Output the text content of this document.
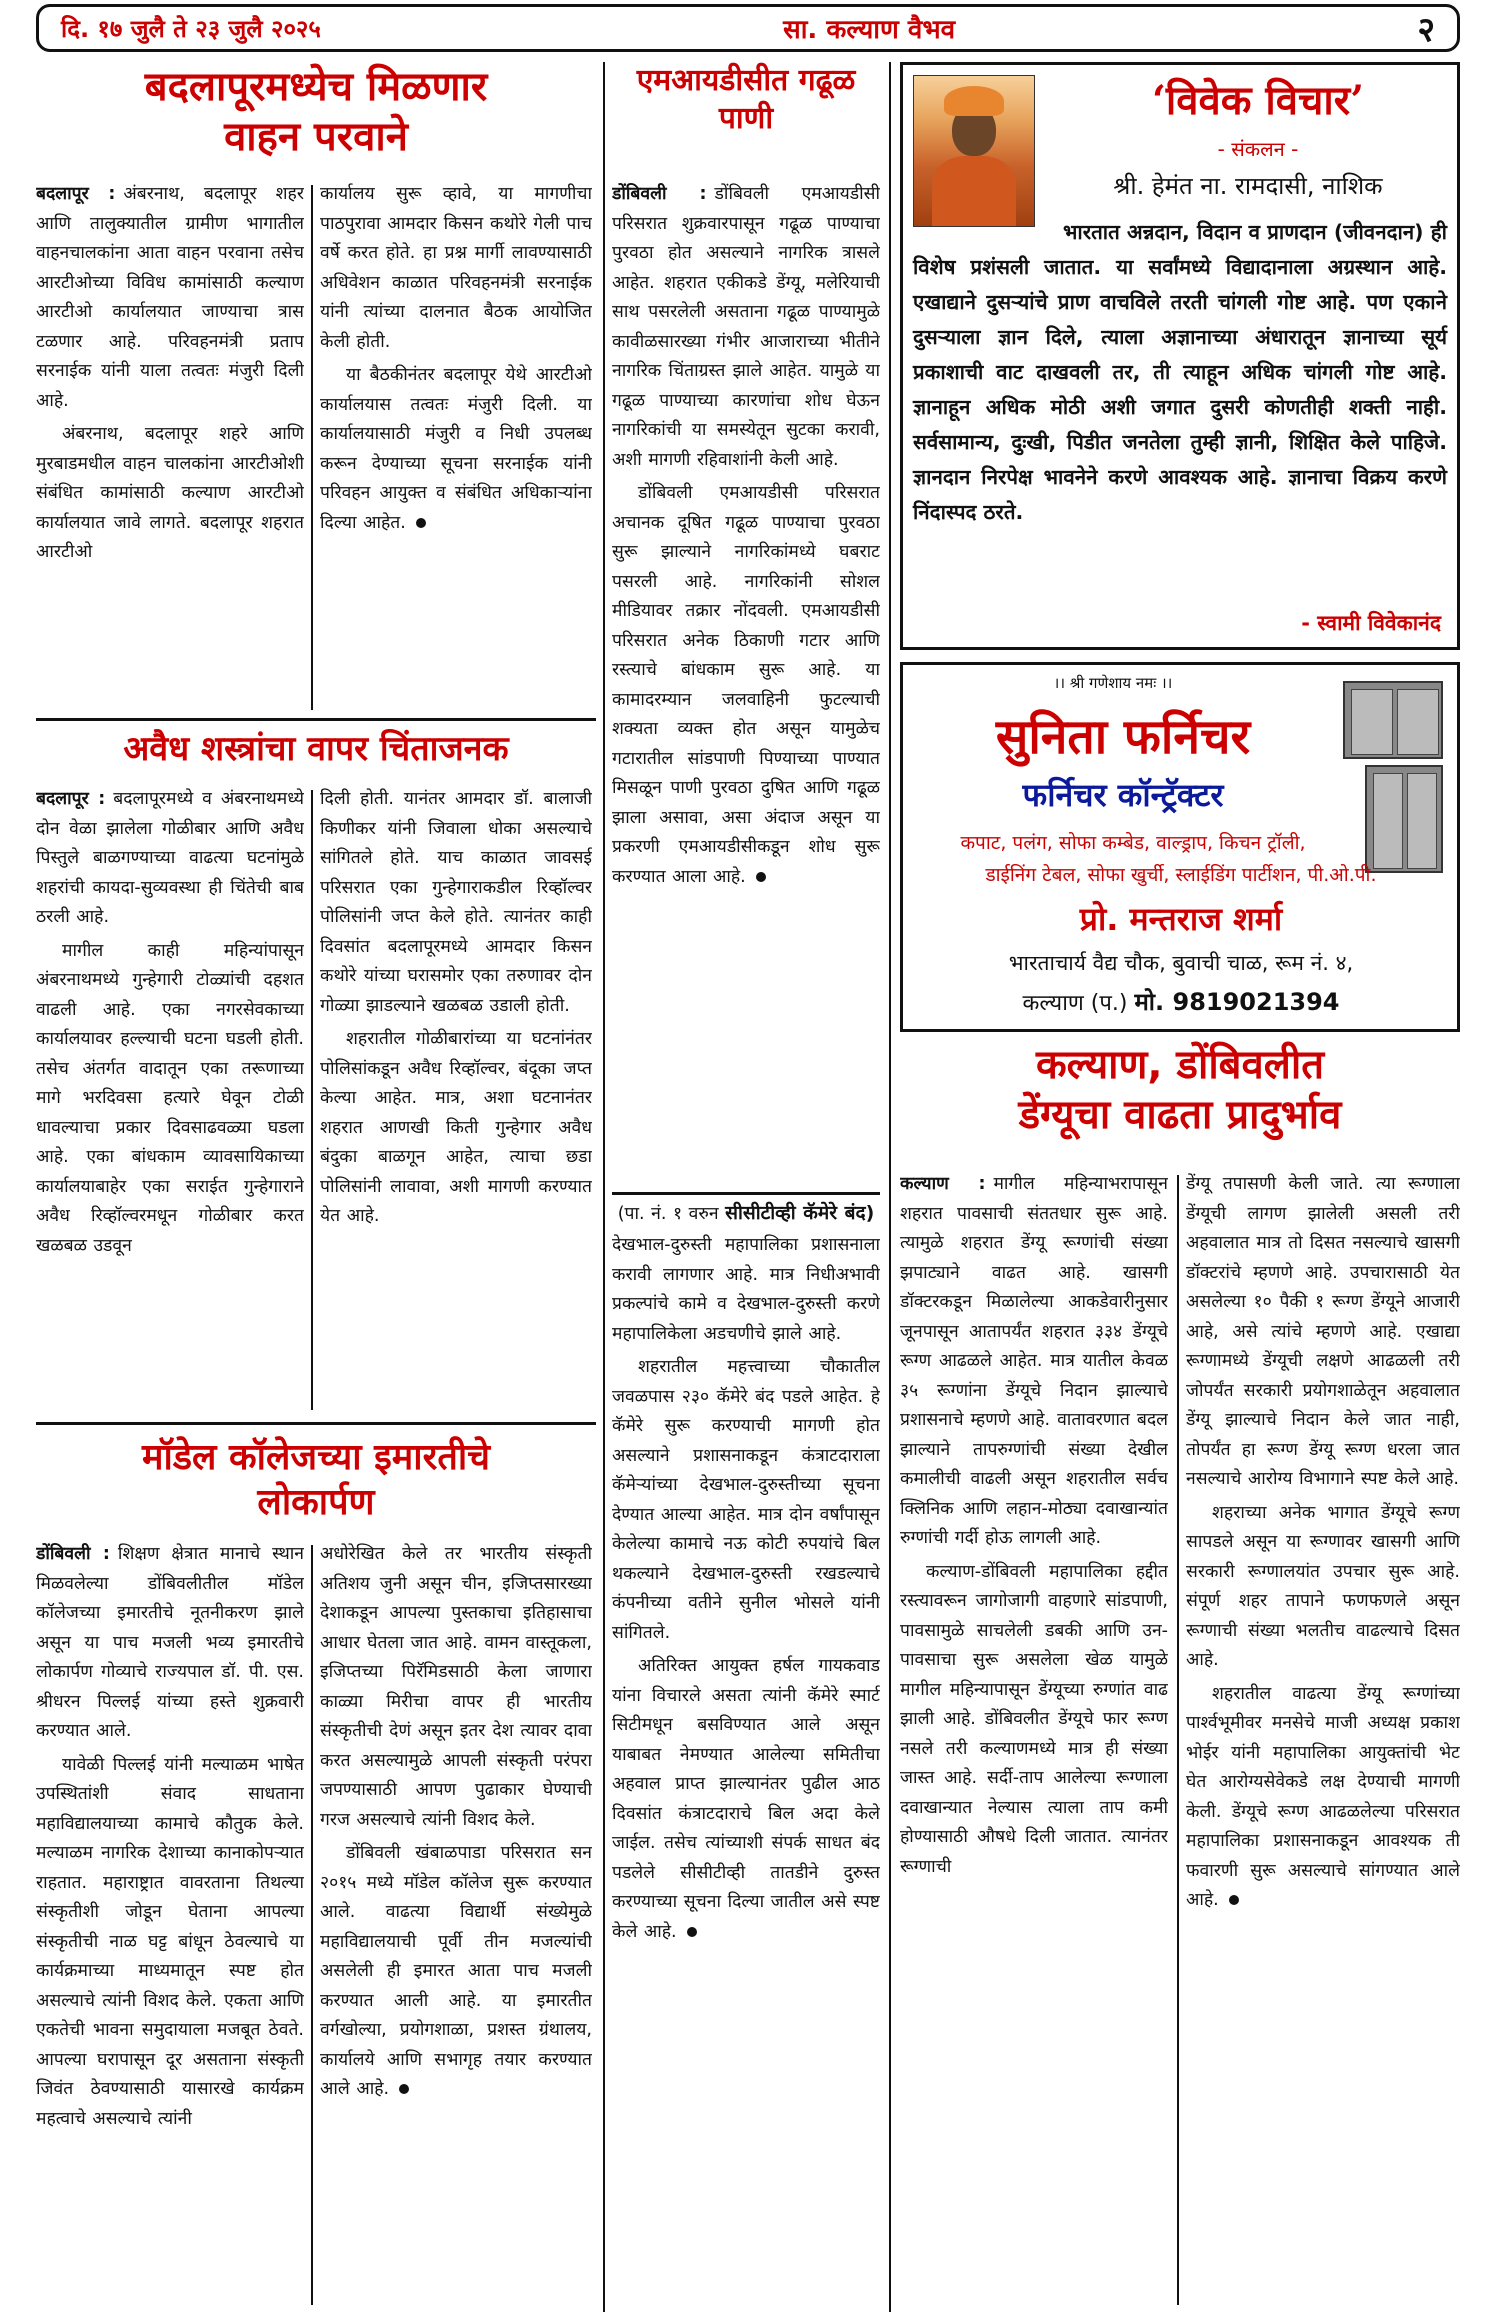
दि. १७ जुलै ते २३ जुलै २०२५	सा. कल्याण वैभव	२
बदलापूरमध्येच मिळणार
वाहन परवाने

बदलापूर : अंबरनाथ, बदलापूर शहर आणि तालुक्यातील ग्रामीण भागातील वाहनचालकांना आता वाहन परवाना तसेच आरटीओच्या विविध कामांसाठी कल्याण आरटीओ कार्यालयात जाण्याचा त्रास टळणार आहे. परिवहनमंत्री प्रताप सरनाईक यांनी याला तत्वतः मंजुरी दिली आहे.

अंबरनाथ, बदलापूर शहरे आणि मुरबाडमधील वाहन चालकांना आरटीओशी संबंधित कामांसाठी कल्याण आरटीओ कार्यालयात जावे लागते. बदलापूर शहरात आरटीओ

कार्यालय सुरू व्हावे, या मागणीचा पाठपुरावा आमदार किसन कथोरे गेली पाच वर्षे करत होते. हा प्रश्न मार्गी लावण्यासाठी अधिवेशन काळात परिवहनमंत्री सरनाईक यांनी त्यांच्या दालनात बैठक आयोजित केली होती.

या बैठकीनंतर बदलापूर येथे आरटीओ कार्यालयास तत्वतः मंजुरी दिली. या कार्यालयासाठी मंजुरी व निधी उपलब्ध करून देण्याच्या सूचना सरनाईक यांनी परिवहन आयुक्त व संबंधित अधिकाऱ्यांना दिल्या आहेत.

अवैध शस्त्रांचा वापर चिंताजनक

बदलापूर : बदलापूरमध्ये व अंबरनाथमध्ये दोन वेळा झालेला गोळीबार आणि अवैध पिस्तुले बाळगण्याच्या वाढत्या घटनांमुळे शहरांची कायदा-सुव्यवस्था ही चिंतेची बाब ठरली आहे.

मागील काही महिन्यांपासून अंबरनाथमध्ये गुन्हेगारी टोळ्यांची दहशत वाढली आहे. एका नगरसेवकाच्या कार्यालयावर हल्ल्याची घटना घडली होती. तसेच अंतर्गत वादातून एका तरूणाच्या मागे भरदिवसा हत्यारे घेवून टोळी धावल्याचा प्रकार दिवसाढवळ्या घडला आहे. एका बांधकाम व्यावसायिकाच्या कार्यालयाबाहेर एका सराईत गुन्हेगाराने अवैध रिव्हॉल्वरमधून गोळीबार करत खळबळ उडवून

दिली होती. यानंतर आमदार डॉ. बालाजी किणीकर यांनी जिवाला धोका असल्याचे सांगितले होते. याच काळात जावसई परिसरात एका गुन्हेगाराकडील रिव्हॉल्वर पोलिसांनी जप्त केले होते. त्यानंतर काही दिवसांत बदलापूरमध्ये आमदार किसन कथोरे यांच्या घरासमोर एका तरुणावर दोन गोळ्या झाडल्याने खळबळ उडाली होती.

शहरातील गोळीबारांच्या या घटनांनंतर पोलिसांकडून अवैध रिव्हॉल्वर, बंदूका जप्त केल्या आहेत. मात्र, अशा घटनानंतर शहरात आणखी किती गुन्हेगार अवैध बंदुका बाळगून आहेत, त्याचा छडा पोलिसांनी लावावा, अशी मागणी करण्यात येत आहे.

मॉडेल कॉलेजच्या इमारतीचे
लोकार्पण

डोंबिवली : शिक्षण क्षेत्रात मानाचे स्थान मिळवलेल्या डोंबिवलीतील मॉडेल कॉलेजच्या इमारतीचे नूतनीकरण झाले असून या पाच मजली भव्य इमारतीचे लोकार्पण गोव्याचे राज्यपाल डॉ. पी. एस. श्रीधरन पिल्लई यांच्या हस्ते शुक्रवारी करण्यात आले.

यावेळी पिल्लई यांनी मल्याळम भाषेत उपस्थितांशी संवाद साधताना महाविद्यालयाच्या कामाचे कौतुक केले. मल्याळम नागरिक देशाच्या कानाकोपऱ्यात राहतात. महाराष्ट्रात वावरताना तिथल्या संस्कृतीशी जोडून घेताना आपल्या संस्कृतीची नाळ घट्ट बांधून ठेवल्याचे या कार्यक्रमाच्या माध्यमातून स्पष्ट होत असल्याचे त्यांनी विशद केले. एकता आणि एकतेची भावना समुदायाला मजबूत ठेवते. आपल्या घरापासून दूर असताना संस्कृती जिवंत ठेवण्यासाठी यासारखे कार्यक्रम महत्वाचे असल्याचे त्यांनी

अधोरेखित केले तर भारतीय संस्कृती अतिशय जुनी असून चीन, इजिप्तसारख्या देशाकडून आपल्या पुस्तकाचा इतिहासाचा आधार घेतला जात आहे. वामन वास्तूकला, इजिप्तच्या पिरॅमिडसाठी केला जाणारा काळ्या मिरीचा वापर ही भारतीय संस्कृतीची देणं असून इतर देश त्यावर दावा करत असल्यामुळे आपली संस्कृती परंपरा जपण्यासाठी आपण पुढाकार घेण्याची गरज असल्याचे त्यांनी विशद केले.

डोंबिवली खंबाळपाडा परिसरात सन २०१५ मध्ये मॉडेल कॉलेज सुरू करण्यात आले. वाढत्या विद्यार्थी संख्येमुळे महाविद्यालयाची पूर्वी तीन मजल्यांची असलेली ही इमारत आता पाच मजली करण्यात आली आहे. या इमारतीत वर्गखोल्या, प्रयोगशाळा, प्रशस्त ग्रंथालय, कार्यालये आणि सभागृह तयार करण्यात आले आहे.

एमआयडीसीत गढूळ पाणी

डोंबिवली : डोंबिवली एमआयडीसी परिसरात शुक्रवारपासून गढूळ पाण्याचा पुरवठा होत असल्याने नागरिक त्रासले आहेत. शहरात एकीकडे डेंग्यू, मलेरियाची साथ पसरलेली असताना गढूळ पाण्यामुळे कावीळसारख्या गंभीर आजाराच्या भीतीने नागरिक चिंताग्रस्त झाले आहेत. यामुळे या गढूळ पाण्याच्या कारणांचा शोध घेऊन नागरिकांची या समस्येतून सुटका करावी, अशी मागणी रहिवाशांनी केली आहे.

डोंबिवली एमआयडीसी परिसरात अचानक दूषित गढूळ पाण्याचा पुरवठा सुरू झाल्याने नागरिकांमध्ये घबराट पसरली आहे. नागरिकांनी सोशल मीडियावर तक्रार नोंदवली. एमआयडीसी परिसरात अनेक ठिकाणी गटार आणि रस्त्याचे बांधकाम सुरू आहे. या कामादरम्यान जलवाहिनी फुटल्याची शक्यता व्यक्त होत असून यामुळेच गटारातील सांडपाणी पिण्याच्या पाण्यात मिसळून पाणी पुरवठा दुषित आणि गढूळ झाला असावा, असा अंदाज असून या प्रकरणी एमआयडीसीकडून शोध सुरू करण्यात आला आहे.

(पा. नं. १ वरुन सीसीटीव्ही कॅमेरे बंद)

देखभाल-दुरुस्ती महापालिका प्रशासनाला करावी लागणार आहे. मात्र निधीअभावी प्रकल्पांचे कामे व देखभाल-दुरुस्ती करणे महापालिकेला अडचणीचे झाले आहे.

शहरातील महत्त्वाच्या चौकातील जवळपास २३० कॅमेरे बंद पडले आहेत. हे कॅमेरे सुरू करण्याची मागणी होत असल्याने प्रशासनाकडून कंत्राटदाराला कॅमेऱ्यांच्या देखभाल-दुरुस्तीच्या सूचना देण्यात आल्या आहेत. मात्र दोन वर्षांपासून केलेल्या कामाचे नऊ कोटी रुपयांचे बिल थकल्याने देखभाल-दुरुस्ती रखडल्याचे कंपनीच्या वतीने सुनील भोसले यांनी सांगितले.

अतिरिक्त आयुक्त हर्षल गायकवाड यांना विचारले असता त्यांनी कॅमेरे स्मार्ट सिटीमधून बसविण्यात आले असून याबाबत नेमण्यात आलेल्या समितीचा अहवाल प्राप्त झाल्यानंतर पुढील आठ दिवसांत कंत्राटदाराचे बिल अदा केले जाईल. तसेच त्यांच्याशी संपर्क साधत बंद पडलेले सीसीटीव्ही तातडीने दुरुस्त करण्याच्या सूचना दिल्या जातील असे स्पष्ट केले आहे.

‘विवेक विचार’
- संकलन -
श्री. हेमंत ना. रामदासी, नाशिक
भारतात अन्नदान, विदान व प्राणदान (जीवनदान) ही विशेष प्रशंसली जातात. या सर्वांमध्ये विद्यादानाला अग्रस्थान आहे. एखाद्याने दुसऱ्यांचे प्राण वाचविले तरती चांगली गोष्ट आहे. पण एकाने दुसऱ्याला ज्ञान दिले, त्याला अज्ञानाच्या अंधारातून ज्ञानाच्या सूर्य प्रकाशाची वाट दाखवली तर, ती त्याहून अधिक चांगली गोष्ट आहे. ज्ञानाहून अधिक मोठी अशी जगात दुसरी कोणतीही शक्ती नाही. सर्वसामान्य, दुःखी, पिडीत जनतेला तुम्ही ज्ञानी, शिक्षित केले पाहिजे. ज्ञानदान निरपेक्ष भावनेने करणे आवश्यक आहे. ज्ञानाचा विक्रय करणे निंदास्पद ठरते.
- स्वामी विवेकानंद
।। श्री गणेशाय नमः ।।
सुनिता फर्निचर
फर्निचर कॉन्ट्रॅक्टर
कपाट, पलंग, सोफा कम्बेड, वाल्ड्राप, किचन ट्रॉली,
डाईनिंग टेबल, सोफा खुर्ची, स्लाईडिंग पार्टीशन, पी.ओ.पी.
प्रो. मन्तराज शर्मा
भारताचार्य वैद्य चौक, बुवाची चाळ, रूम नं. ४,
कल्याण (प.) मो. 9819021394
कल्याण, डोंबिवलीत
डेंग्यूचा वाढता प्रादुर्भाव

कल्याण : मागील महिन्याभरापासून शहरात पावसाची संततधार सुरू आहे. त्यामुळे शहरात डेंग्यू रूग्णांची संख्या झपाट्याने वाढत आहे. खासगी डॉक्टरकडून मिळालेल्या आकडेवारीनुसार जूनपासून आतापर्यंत शहरात ३३४ डेंग्यूचे रूग्ण आढळले आहेत. मात्र यातील केवळ ३५ रूग्णांना डेंग्यूचे निदान झाल्याचे प्रशासनाचे म्हणणे आहे. वातावरणात बदल झाल्याने तापरुग्णांची संख्या देखील कमालीची वाढली असून शहरातील सर्वच क्लिनिक आणि लहान-मोठ्या दवाखान्यांत रुग्णांची गर्दी होऊ लागली आहे.

कल्याण-डोंबिवली महापालिका हद्दीत रस्त्यावरून जागोजागी वाहणारे सांडपाणी, पावसामुळे साचलेली डबकी आणि उन-पावसाचा सुरू असलेला खेळ यामुळे मागील महिन्यापासून डेंग्यूच्या रुग्णांत वाढ झाली आहे. डोंबिवलीत डेंग्यूचे फार रूग्ण नसले तरी कल्याणमध्ये मात्र ही संख्या जास्त आहे. सर्दी-ताप आलेल्या रूग्णाला दवाखान्यात नेल्यास त्याला ताप कमी होण्यासाठी औषधे दिली जातात. त्यानंतर रूग्णाची

डेंग्यू तपासणी केली जाते. त्या रूग्णाला डेंग्यूची लागण झालेली असली तरी अहवालात मात्र तो दिसत नसल्याचे खासगी डॉक्टरांचे म्हणणे आहे. उपचारासाठी येत असलेल्या १० पैकी १ रूग्ण डेंग्यूने आजारी आहे, असे त्यांचे म्हणणे आहे. एखाद्या रूग्णामध्ये डेंग्यूची लक्षणे आढळली तरी जोपर्यंत सरकारी प्रयोगशाळेतून अहवालात डेंग्यू झाल्याचे निदान केले जात नाही, तोपर्यंत हा रूग्ण डेंग्यू रूग्ण धरला जात नसल्याचे आरोग्य विभागाने स्पष्ट केले आहे.

शहराच्या अनेक भागात डेंग्यूचे रूग्ण सापडले असून या रूग्णावर खासगी आणि सरकारी रूग्णालयांत उपचार सुरू आहे. संपूर्ण शहर तापाने फणफणले असून रूग्णाची संख्या भलतीच वाढल्याचे दिसत आहे.

शहरातील वाढत्या डेंग्यू रूग्णांच्या पार्श्वभूमीवर मनसेचे माजी अध्यक्ष प्रकाश भोईर यांनी महापालिका आयुक्तांची भेट घेत आरोग्यसेवेकडे लक्ष देण्याची मागणी केली. डेंग्यूचे रूग्ण आढळलेल्या परिसरात महापालिका प्रशासनाकडून आवश्यक ती फवारणी सुरू असल्याचे सांगण्यात आले आहे.
